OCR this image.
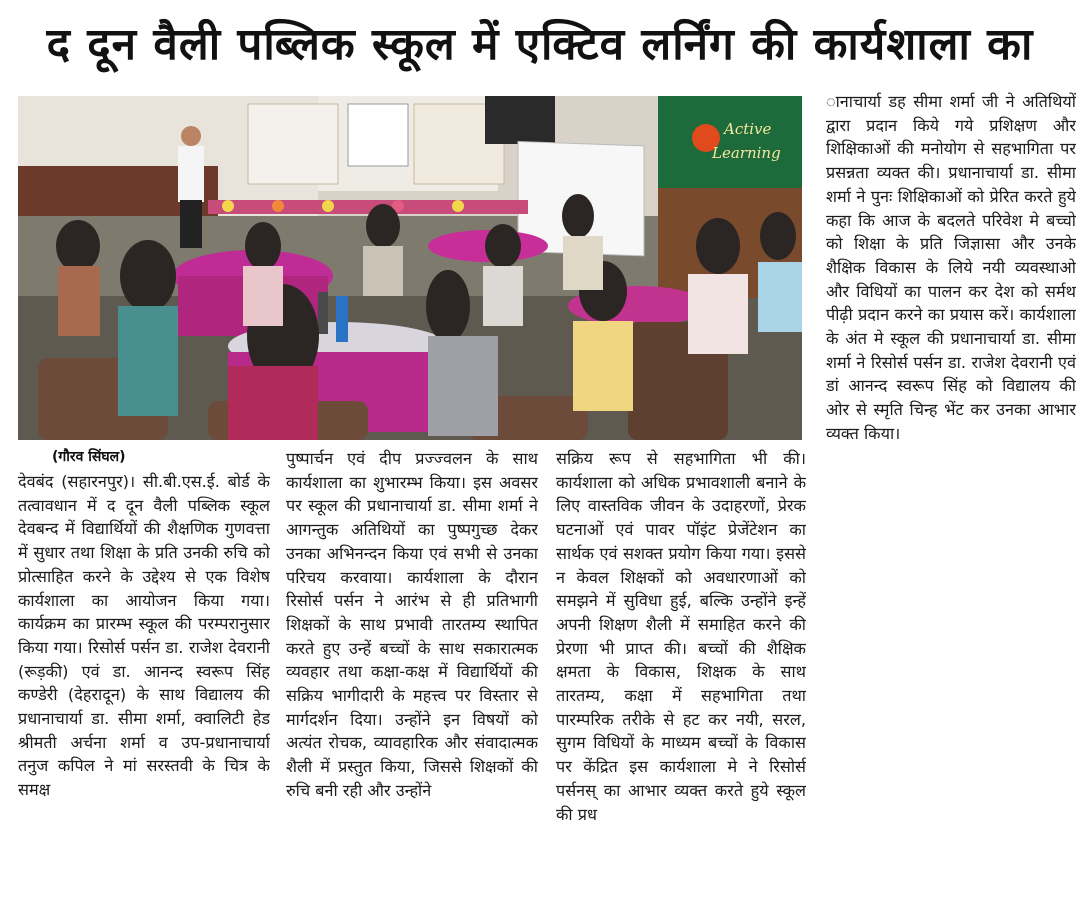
द दून वैली पब्लिक स्कूल में एक्टिव लर्निंग की कार्यशाला का
Active
Learning
(गौरव सिंघल)

देवबंद (सहारनपुर)। सी.बी.एस.ई. बोर्ड के तत्वावधान में द दून वैली पब्लिक स्कूल देवबन्द में विद्यार्थियों की शैक्षणिक गुणवत्ता में सुधार तथा शिक्षा के प्रति उनकी रुचि को प्रोत्साहित करने के उद्देश्य से एक विशेष कार्यशाला का आयोजन किया गया। कार्यक्रम का प्रारम्भ स्कूल की परम्परानुसार किया गया। रिसोर्स पर्सन डा. राजेश देवरानी (रूड़की) एवं डा. आनन्द स्वरूप सिंह कण्डेरी (देहरादून) के साथ विद्यालय की प्रधानाचार्या डा. सीमा शर्मा, क्वालिटी हेड श्रीमती अर्चना शर्मा व उप-प्रधानाचार्या तनुज कपिल ने मां सरस्तवी के चित्र के समक्ष

पुष्पार्चन एवं दीप प्रज्ज्वलन के साथ कार्यशाला का शुभारम्भ किया। इस अवसर पर स्कूल की प्रधानाचार्या डा. सीमा शर्मा ने आगन्तुक अतिथियों का पुष्पगुच्छ देकर उनका अभिनन्दन किया एवं सभी से उनका परिचय करवाया। कार्यशाला के दौरान रिसोर्स पर्सन ने आरंभ से ही प्रतिभागी शिक्षकों के साथ प्रभावी तारतम्य स्थापित करते हुए उन्हें बच्चों के साथ सकारात्मक व्यवहार तथा कक्षा-कक्ष में विद्यार्थियों की सक्रिय भागीदारी के महत्त्व पर विस्तार से मार्गदर्शन दिया। उन्होंने इन विषयों को अत्यंत रोचक, व्यावहारिक और संवादात्मक शैली में प्रस्तुत किया, जिससे शिक्षकों की रुचि बनी रही और उन्होंने

सक्रिय रूप से सहभागिता भी की।कार्यशाला को अधिक प्रभावशाली बनाने के लिए वास्तविक जीवन के उदाहरणों, प्रेरक घटनाओं एवं पावर पॉइंट प्रेजेंटेशन का सार्थक एवं सशक्त प्रयोग किया गया। इससे न केवल शिक्षकों को अवधारणाओं को समझने में सुविधा हुई, बल्कि उन्होंने इन्हें अपनी शिक्षण शैली में समाहित करने की प्रेरणा भी प्राप्त की। बच्चों की शैक्षिक क्षमता के विकास, शिक्षक के साथ तारतम्य, कक्षा में सहभागिता तथा पारम्परिक तरीके से हट कर नयी, सरल, सुगम विधियों के माध्यम बच्चों के विकास पर केंद्रित इस कार्यशाला मे ने रिसोर्स पर्सनस् का आभार व्यक्त करते हुये स्कूल की प्रध

ानाचार्या डह सीमा शर्मा जी ने अतिथियों द्वारा प्रदान किये गये प्रशिक्षण और शिक्षिकाओं की मनोयोग से सहभागिता पर प्रसन्नता व्यक्त की। प्रधानाचार्या डा. सीमा शर्मा ने पुनः शिक्षिकाओं को प्रेरित करते हुये कहा कि आज के बदलते परिवेश मे बच्चो को शिक्षा के प्रति जिज्ञासा और उनके शैक्षिक विकास के लिये नयी व्यवस्थाओ और विधियों का पालन कर देश को सर्मथ पीढ़ी प्रदान करने का प्रयास करें। कार्यशाला के अंत मे स्कूल की प्रधानाचार्या डा. सीमा शर्मा ने रिसोर्स पर्सन डा. राजेश देवरानी एवं डां आनन्द स्वरूप सिंह को विद्यालय की ओर से स्मृति चिन्ह भेंट कर उनका आभार व्यक्त किया।
